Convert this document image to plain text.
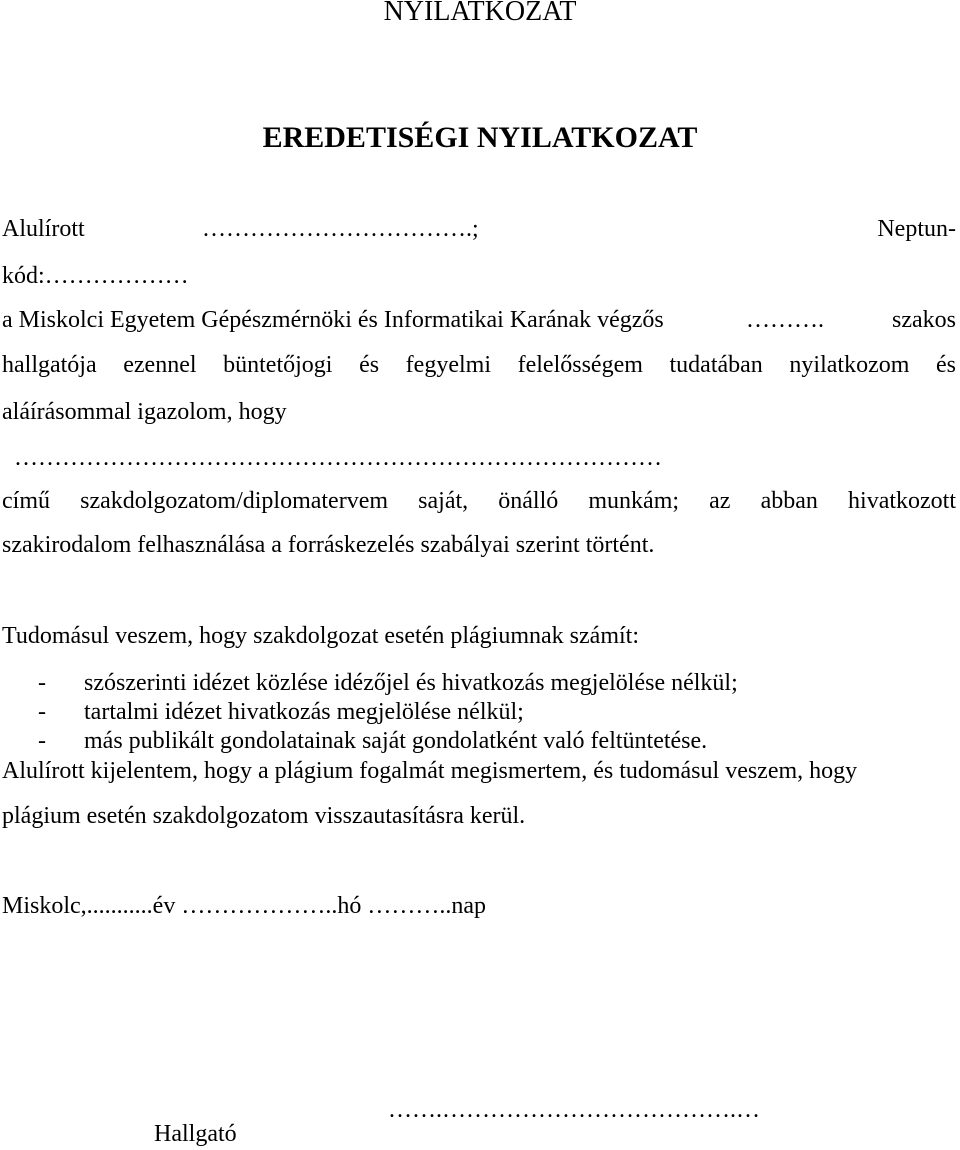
NYILATKOZAT
EREDETISÉGI NYILATKOZAT
Alulírott	…………………………….;	Neptun-
kód:………………
a Miskolci Egyetem Gépészmérnöki és Informatikai Karának végzős	……….	szakos
hallgatója ezennel büntetőjogi és fegyelmi felelősségem tudatában nyilatkozom és
aláírásommal igazolom, hogy
………………………………………………………………………
című szakdolgozatom/diplomatervem saját, önálló munkám; az abban hivatkozott
szakirodalom felhasználása a forráskezelés szabályai szerint történt.
Tudomásul veszem, hogy szakdolgozat esetén plágiumnak számít:
- szószerinti idézet közlése idézőjel és hivatkozás megjelölése nélkül;
- tartalmi idézet hivatkozás megjelölése nélkül;
- más publikált gondolatainak saját gondolatként való feltüntetése.
Alulírott kijelentem, hogy a plágium fogalmát megismertem, és tudomásul veszem, hogy
plágium esetén szakdolgozatom visszautasításra kerül.
Miskolc,...........év ………………..hó ………..nap
…….……………………………….…
Hallgató
